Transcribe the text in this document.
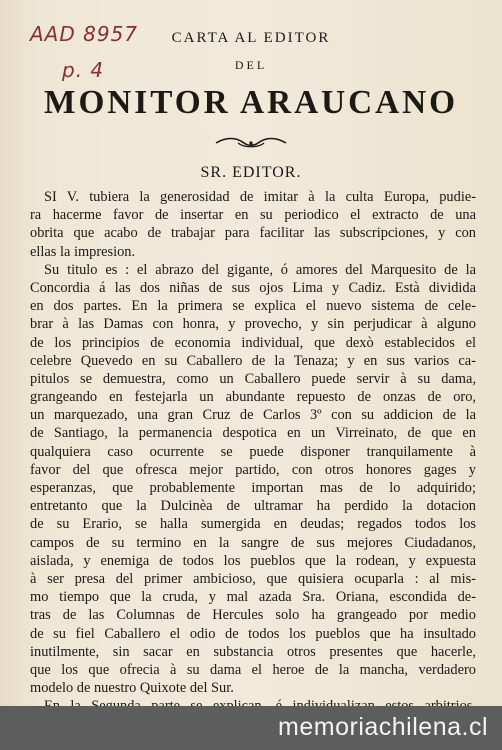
AAD 8957
p. 4
CARTA AL EDITOR
DEL
MONITOR ARAUCANO
SR. EDITOR.
SI V. tubiera la generosidad de imitar à la culta Europa, pudie-
ra hacerme favor de insertar en su periodico el extracto de una
obrita que acabo de trabajar para facilitar las subscripciones, y con
ellas la impresion.
Su titulo es : el abrazo del gigante, ó amores del Marquesito de la
Concordia á las dos niñas de sus ojos Lima y Cadiz. Està dividida
en dos partes. En la primera se explica el nuevo sistema de cele-
brar à las Damas con honra, y provecho, y sin perjudicar à alguno
de los principios de economia individual, que dexò establecidos el
celebre Quevedo en su Caballero de la Tenaza; y en sus varios ca-
pitulos se demuestra, como un Caballero puede servir à su dama,
grangeando en festejarla un abundante repuesto de onzas de oro,
un marquezado, una gran Cruz de Carlos 3º con su addicion de la
de Santiago, la permanencia despotica en un Virreinato, de que en
qualquiera caso ocurrente se puede disponer tranquilamente à
favor del que ofresca mejor partido, con otros honores gages y
esperanzas, que probablemente importan mas de lo adquirido;
entretanto que la Dulcinèa de ultramar ha perdido la dotacion
de su Erario, se halla sumergida en deudas; regados todos los
campos de su termino en la sangre de sus mejores Ciudadanos,
aislada, y enemiga de todos los pueblos que la rodean, y expuesta
à ser presa del primer ambicioso, que quisiera ocuparla : al mis-
mo tiempo que la cruda, y mal azada Sra. Oriana, escondida de-
tras de las Columnas de Hercules solo ha grangeado por medio
de su fiel Caballero el odio de todos los pueblos que ha insultado
inutilmente, sin sacar en substancia otros presentes que hacerle,
que los que ofrecia à su dama el heroe de la mancha, verdadero
modelo de nuestro Quixote del Sur.
memoriachilena.cl
